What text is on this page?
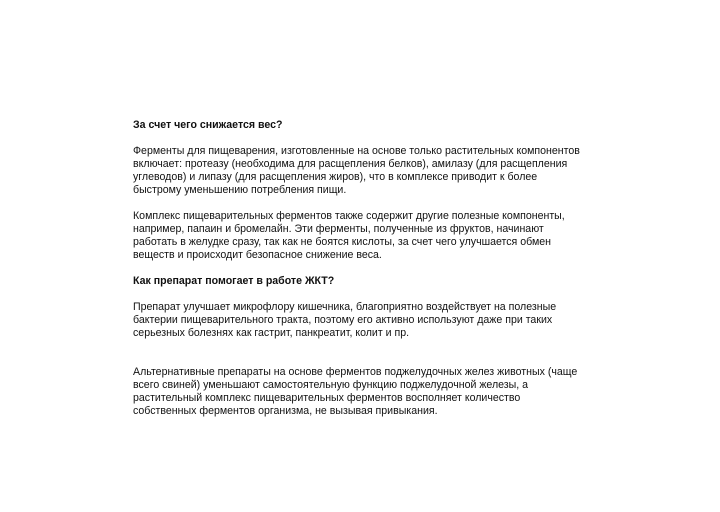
За счет чего снижается вес?

Ферменты для пищеварения, изготовленные на основе только растительных компонентов
включает: протеазу (необходима для расщепления белков), амилазу (для расщепления
углеводов) и липазу (для расщепления жиров), что в комплексе приводит к более
быстрому уменьшению потребления пищи.

Комплекс пищеварительных ферментов также содержит другие полезные компоненты,
например, папаин и бромелайн. Эти ферменты, полученные из фруктов, начинают
работать в желудке сразу, так как не боятся кислоты, за счет чего улучшается обмен
веществ и происходит безопасное снижение веса.

Как препарат помогает в работе ЖКТ?

Препарат улучшает микрофлору кишечника, благоприятно воздействует на полезные
бактерии пищеварительного тракта, поэтому его активно используют даже при таких
серьезных болезнях как гастрит, панкреатит, колит и пр.

Альтернативные препараты на основе ферментов поджелудочных желез животных (чаще
всего свиней) уменьшают самостоятельную функцию поджелудочной железы, а
растительный комплекс пищеварительных ферментов восполняет количество
собственных ферментов организма, не вызывая привыкания.
